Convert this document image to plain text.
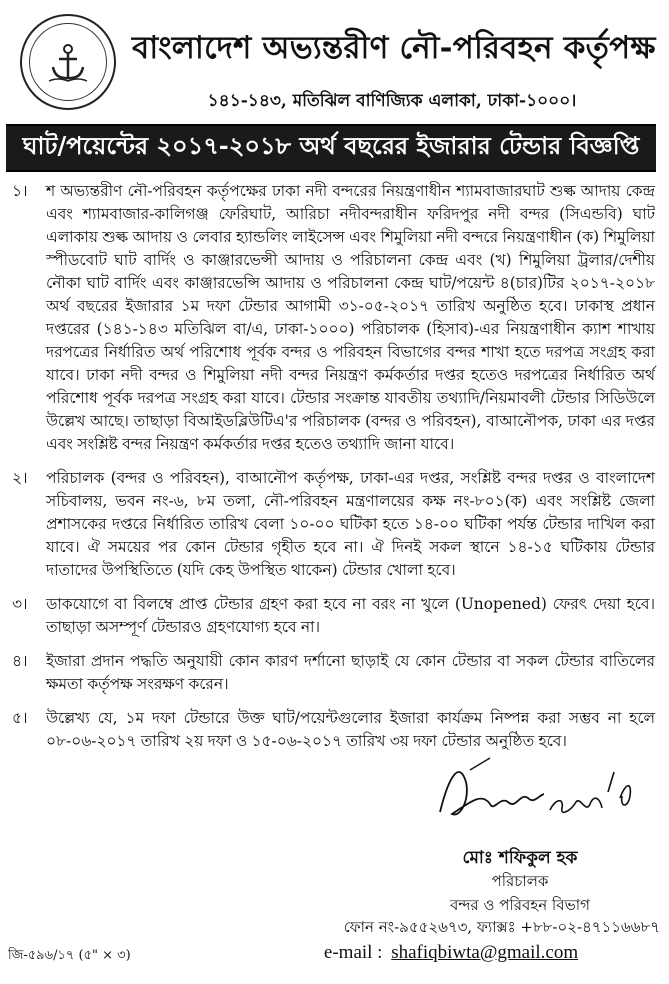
বাংলাদেশ অভ্যন্তরীণ নৌ-পরিবহন কর্তৃপক্ষ
১৪১-১৪৩, মতিঝিল বাণিজ্যিক এলাকা, ঢাকা-১০০০।
ঘাট/পয়েন্টের ২০১৭-২০১৮ অর্থ বছরের ইজারার টেন্ডার বিজ্ঞপ্তি
১।	শ অভ্যন্তরীণ নৌ-পরিবহন কর্তৃপক্ষের ঢাকা নদী বন্দরের নিয়ন্ত্রণাধীন শ্যামবাজারঘাট শুল্ক আদায় কেন্দ্র এবং শ্যামবাজার-কালিগঞ্জ ফেরিঘাট, আরিচা নদীবন্দরাধীন ফরিদপুর নদী বন্দর (সিএন্ডবি) ঘাট এলাকায় শুল্ক আদায় ও লেবার হ্যান্ডলিং লাইসেন্স এবং শিমুলিয়া নদী বন্দরে নিয়ন্ত্রণাধীন (ক) শিমুলিয়া স্পীডবোট ঘাট বার্দিং ও কাঞ্জারভেন্সী আদায় ও পরিচালনা কেন্দ্র এবং (খ) শিমুলিয়া ট্রলার/দেশীয় নৌকা ঘাট বার্দিং এবং কাঞ্জারভেন্সি আদায় ও পরিচালনা কেন্দ্র ঘাট/পয়েন্ট ৪(চার)টির ২০১৭-২০১৮ অর্থ বছরের ইজারার ১ম দফা টেন্ডার আগামী ৩১-০৫-২০১৭ তারিখ অনুষ্ঠিত হবে। ঢাকাস্থ প্রধান দপ্তরের (১৪১-১৪৩ মতিঝিল বা/এ, ঢাকা-১০০০) পরিচালক (হিসাব)-এর নিয়ন্ত্রণাধীন ক্যাশ শাখায় দরপত্রের নির্ধারিত অর্থ পরিশোধ পূর্বক বন্দর ও পরিবহন বিভাগের বন্দর শাখা হতে দরপত্র সংগ্রহ করা যাবে। ঢাকা নদী বন্দর ও শিমুলিয়া নদী বন্দর নিয়ন্ত্রণ কর্মকর্তার দপ্তর হতেও দরপত্রের নির্ধারিত অর্থ পরিশোধ পূর্বক দরপত্র সংগ্রহ করা যাবে। টেন্ডার সংক্রান্ত যাবতীয় তথ্যাদি/নিয়মাবলী টেন্ডার সিডিউলে উল্লেখ আছে। তাছাড়া বিআইডব্লিউটিএ'র পরিচালক (বন্দর ও পরিবহন), বাআনৌপক, ঢাকা এর দপ্তর এবং সংশ্লিষ্ট বন্দর নিয়ন্ত্রণ কর্মকর্তার দপ্তর হতেও তথ্যাদি জানা যাবে।
২।	পরিচালক (বন্দর ও পরিবহন), বাআনৌপ কর্তৃপক্ষ, ঢাকা-এর দপ্তর, সংশ্লিষ্ট বন্দর দপ্তর ও বাংলাদেশ সচিবালয়, ভবন নং-৬, ৮ম তলা, নৌ-পরিবহন মন্ত্রণালয়ের কক্ষ নং-৮০১(ক) এবং সংশ্লিষ্ট জেলা প্রশাসকের দপ্তরে নির্ধারিত তারিখ বেলা ১০-০০ ঘটিকা হতে ১৪-০০ ঘটিকা পর্যন্ত টেন্ডার দাখিল করা যাবে। ঐ সময়ের পর কোন টেন্ডার গৃহীত হবে না। ঐ দিনই সকল স্থানে ১৪-১৫ ঘটিকায় টেন্ডার দাতাদের উপস্থিতিতে (যদি কেহ উপস্থিত থাকেন) টেন্ডার খোলা হবে।
৩।	ডাকযোগে বা বিলম্বে প্রাপ্ত টেন্ডার গ্রহণ করা হবে না বরং না খুলে (Unopened) ফেরৎ দেয়া হবে। তাছাড়া অসম্পূর্ণ টেন্ডারও গ্রহণযোগ্য হবে না।
৪।	ইজারা প্রদান পদ্ধতি অনুযায়ী কোন কারণ দর্শানো ছাড়াই যে কোন টেন্ডার বা সকল টেন্ডার বাতিলের ক্ষমতা কর্তৃপক্ষ সংরক্ষণ করেন।
৫।	উল্লেখ্য যে, ১ম দফা টেন্ডারে উক্ত ঘাট/পয়েন্টগুলোর ইজারা কার্যক্রম নিষ্পন্ন করা সম্ভব না হলে ০৮-০৬-২০১৭ তারিখ ২য় দফা ও ১৫-০৬-২০১৭ তারিখ ৩য় দফা টেন্ডার অনুষ্ঠিত হবে।
মোঃ শফিকুল হক
পরিচালক
বন্দর ও পরিবহন বিভাগ
ফোন নং-৯৫৫২৬৭৩, ফ্যাক্সঃ +৮৮-০২-৪৭১১৬৬৮৭
e-mail : shafiqbiwta@gmail.com
জি-৫৯৬/১৭ (৫" × ৩)
